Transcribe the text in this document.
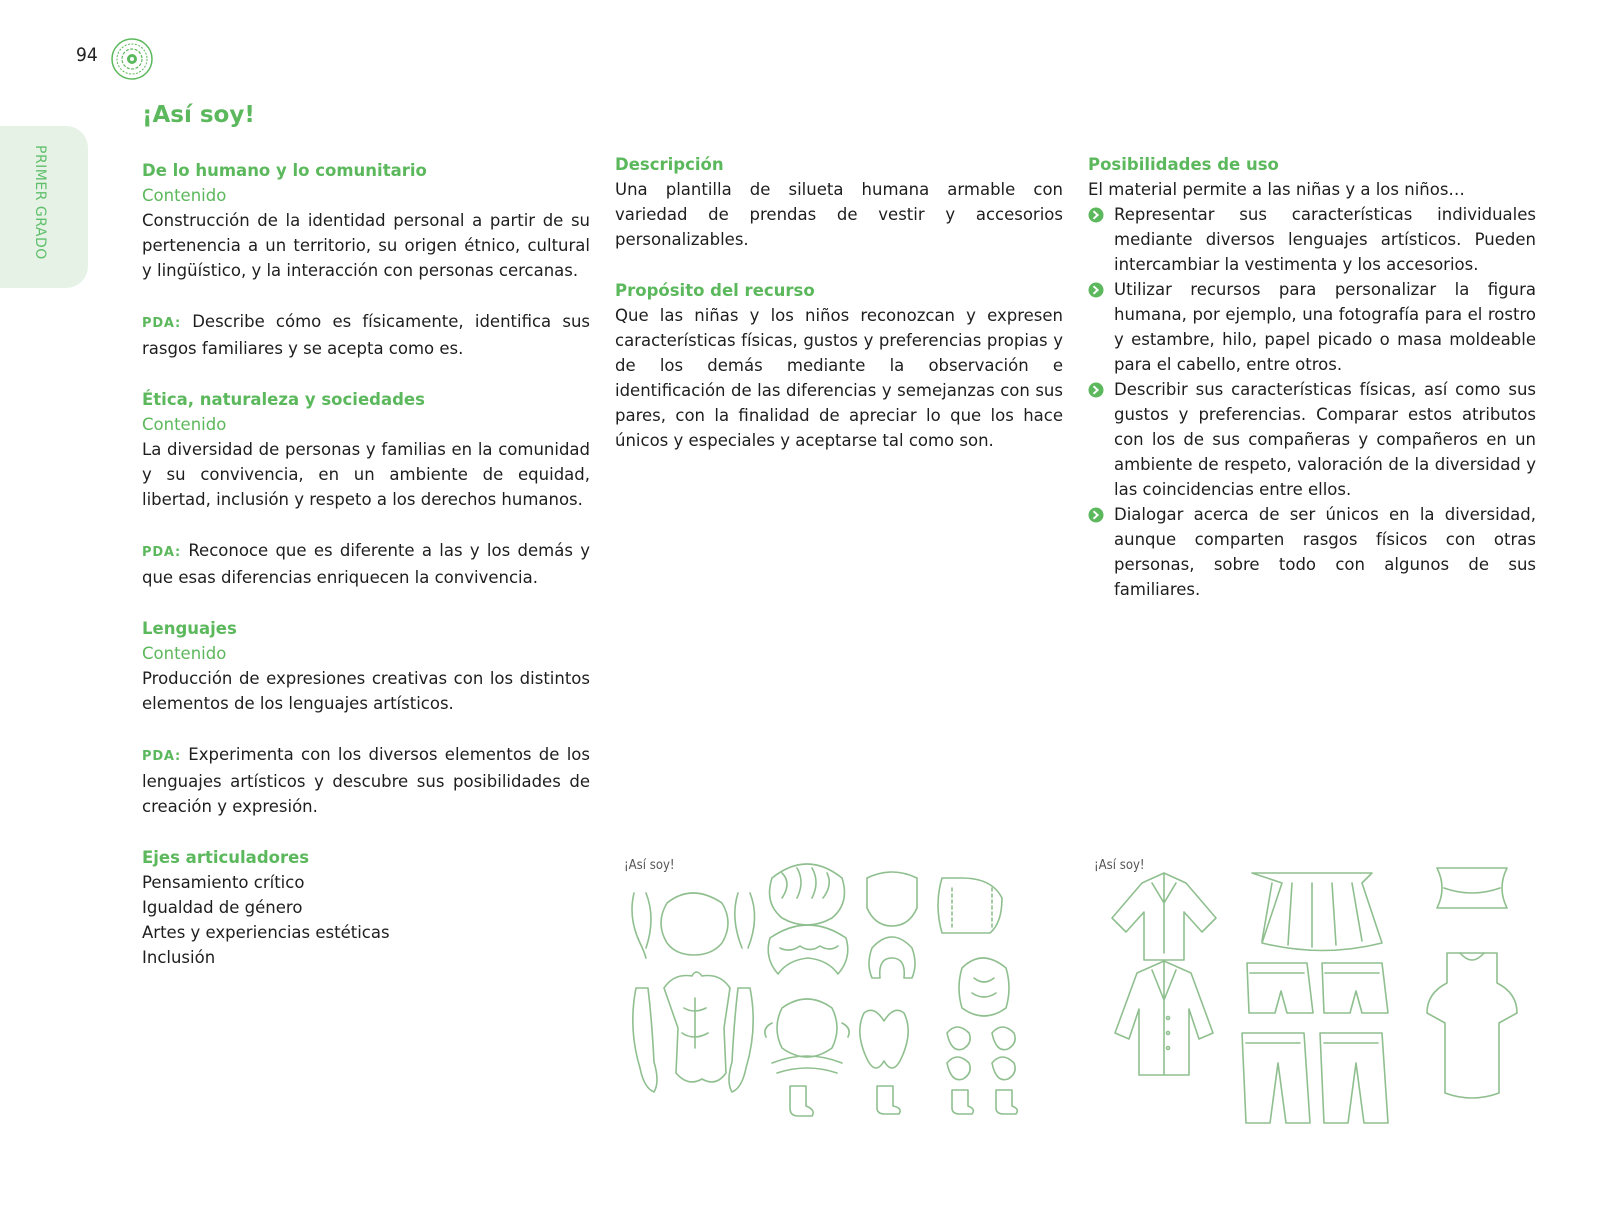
94
PRIMER GRADO
¡Así soy!

De lo humano y lo comunitario

Contenido

Construcción de la identidad personal a partir de su pertenencia a un territorio, su origen étnico, cultural y lingüístico, y la interacción con personas cercanas.

PDA: Describe cómo es físicamente, identifica sus rasgos familiares y se acepta como es.

Ética, naturaleza y sociedades

Contenido

La diversidad de personas y familias en la comunidad y su convivencia, en un ambiente de equidad, libertad, inclusión y respeto a los derechos humanos.

PDA: Reconoce que es diferente a las y los demás y que esas diferencias enriquecen la convivencia.

Lenguajes

Contenido

Producción de expresiones creativas con los distintos elementos de los lenguajes artísticos.

PDA: Experimenta con los diversos elementos de los lenguajes artísticos y descubre sus posibilidades de creación y expresión.

Ejes articuladores

Pensamiento crítico
Igualdad de género
Artes y experiencias estéticas
Inclusión

Descripción

Una plantilla de silueta humana armable con variedad de prendas de vestir y accesorios personalizables.

Propósito del recurso

Que las niñas y los niños reconozcan y expresen características físicas, gustos y preferencias propias y de los demás mediante la observación e identificación de las diferencias y semejanzas con sus pares, con la finalidad de apreciar lo que los hace únicos y especiales y aceptarse tal como son.

Posibilidades de uso

El material permite a las niñas y a los niños…

Representar sus características individuales mediante diversos lenguajes artísticos. Pueden intercambiar la vestimenta y los accesorios.
Utilizar recursos para personalizar la figura humana, por ejemplo, una fotografía para el rostro y estambre, hilo, papel picado o masa moldeable para el cabello, entre otros.
Describir sus características físicas, así como sus gustos y preferencias. Comparar estos atributos con los de sus compañeras y compañeros en un ambiente de respeto, valoración de la diversidad y las coincidencias entre ellos.
Dialogar acerca de ser únicos en la diversidad, aunque comparten rasgos físicos con otras personas, sobre todo con algunos de sus familiares.
¡Así soy!	¡Así soy!
